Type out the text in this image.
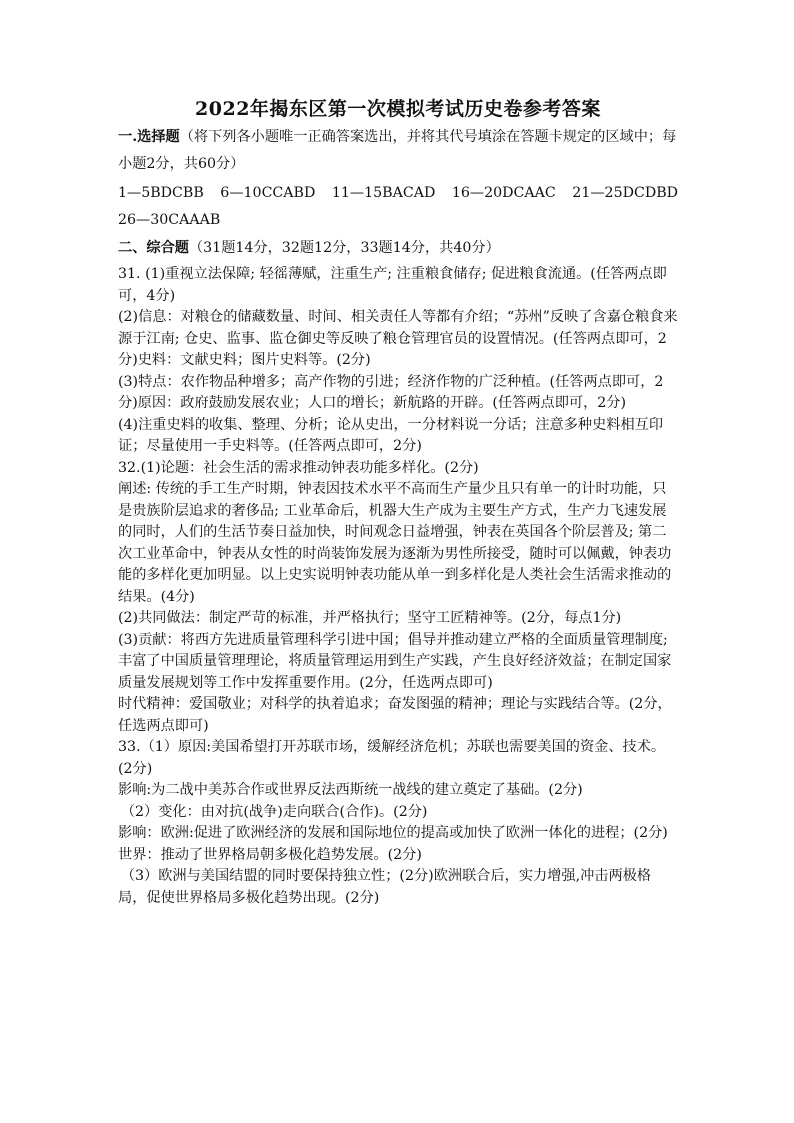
2022年揭东区第一次模拟考试历史卷参考答案
一.选择题（将下列各小题唯一正确答案选出，并将其代号填涂在答题卡规定的区域中；每小题2分，共60分）
1—5BDCBB 6—10CCABD 11—15BACAD 16—20DCAAC 21—25DCDBD
26—30CAAAB
二、综合题（31题14分，32题12分，33题14分，共40分）

31. (1)重视立法保障; 轻徭薄赋，注重生产; 注重粮食储存; 促进粮食流通。(任答两点即可，4分)

(2)信息：对粮仓的储藏数量、时间、相关责任人等都有介绍；“苏州”反映了含嘉仓粮食来源于江南; 仓史、监事、监仓御史等反映了粮仓管理官员的设置情况。(任答两点即可，2分)史料：文献史料；图片史料等。(2分)

(3)特点：农作物品种增多；高产作物的引进；经济作物的广泛种植。(任答两点即可，2分)原因：政府鼓励发展农业；人口的增长；新航路的开辟。(任答两点即可，2分)

(4)注重史料的收集、整理、分析；论从史出，一分材料说一分话；注意多种史料相互印证；尽量使用一手史料等。(任答两点即可，2分)

32.(1)论题：社会生活的需求推动钟表功能多样化。(2分)

阐述: 传统的手工生产时期，钟表因技术水平不高而生产量少且只有单一的计时功能，只是贵族阶层追求的奢侈品; 工业革命后，机器大生产成为主要生产方式，生产力飞速发展的同时，人们的生活节奏日益加快，时间观念日益增强，钟表在英国各个阶层普及; 第二次工业革命中，钟表从女性的时尚装饰发展为逐渐为男性所接受，随时可以佩戴，钟表功能的多样化更加明显。以上史实说明钟表功能从单一到多样化是人类社会生活需求推动的结果。(4分)

(2)共同做法：制定严苛的标准，并严格执行；坚守工匠精神等。(2分，每点1分)

(3)贡献：将西方先进质量管理科学引进中国；倡导并推动建立严格的全面质量管理制度; 丰富了中国质量管理理论，将质量管理运用到生产实践，产生良好经济效益；在制定国家质量发展规划等工作中发挥重要作用。(2分，任选两点即可)

时代精神：爱国敬业；对科学的执着追求；奋发图强的精神；理论与实践结合等。(2分，任选两点即可)

33.（1）原因:美国希望打开苏联市场，缓解经济危机；苏联也需要美国的资金、技术。(2分)

影响:为二战中美苏合作或世界反法西斯统一战线的建立奠定了基础。(2分)

（2）变化：由对抗(战争)走向联合(合作)。(2分)

影响：欧洲:促进了欧洲经济的发展和国际地位的提高或加快了欧洲一体化的进程；(2分)

世界：推动了世界格局朝多极化趋势发展。(2分)

（3）欧洲与美国结盟的同时要保持独立性；(2分)欧洲联合后，实力增强,冲击两极格局，促使世界格局多极化趋势出现。(2分)
